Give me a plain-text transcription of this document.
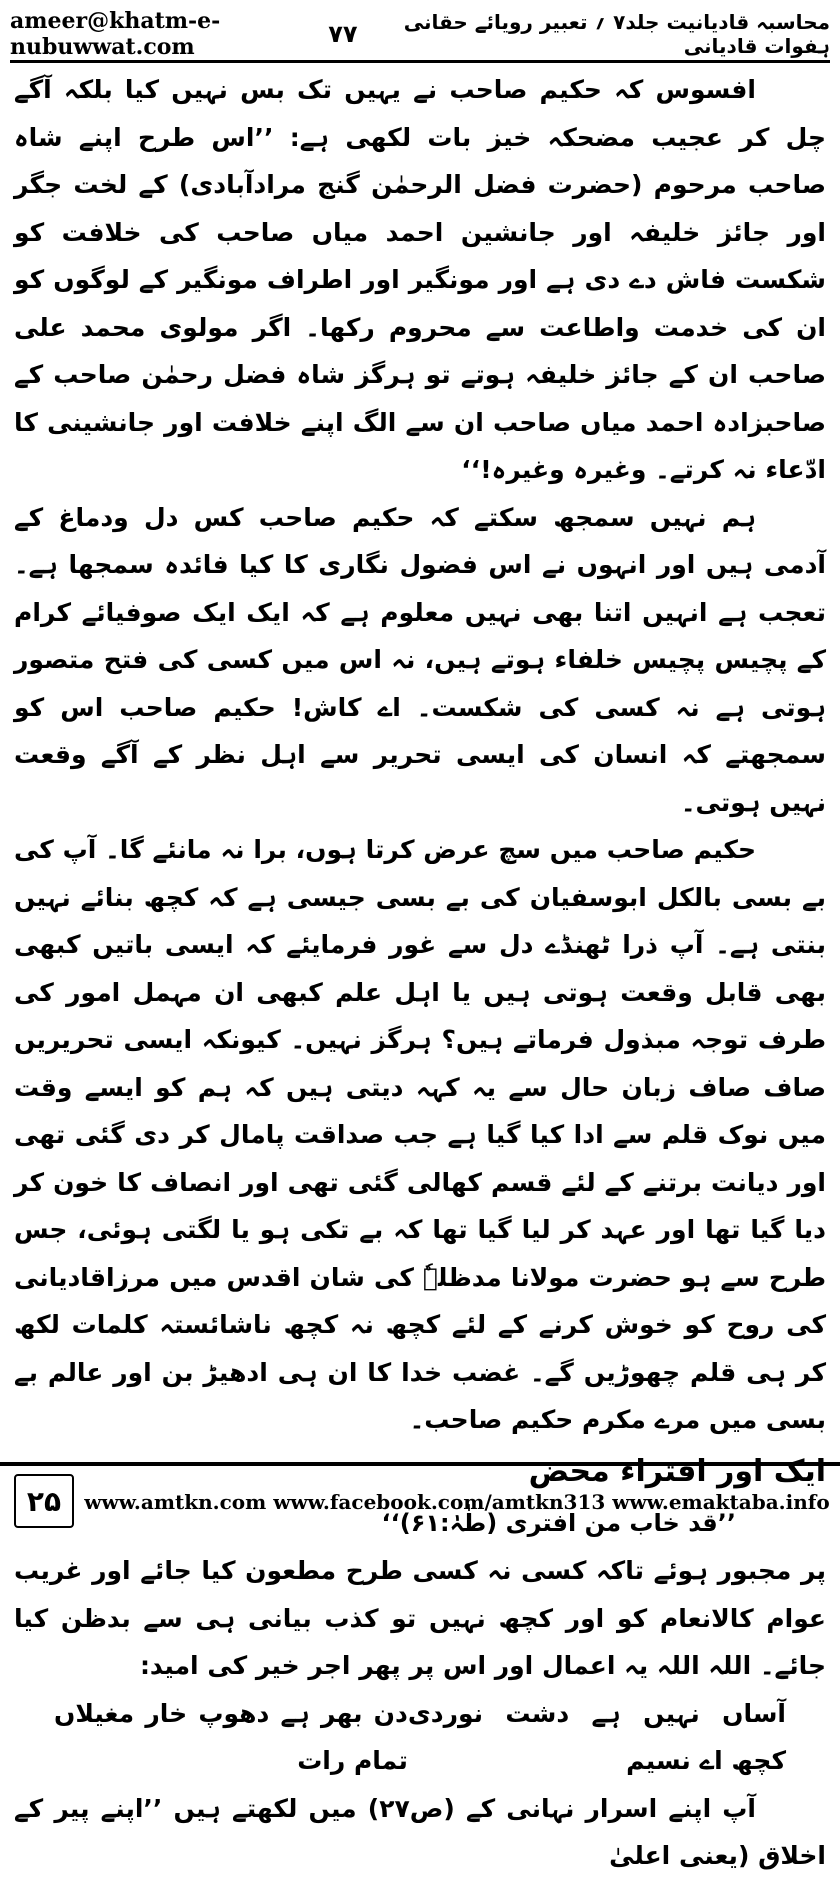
ameer@khatm-e-nubuwwat.com
محاسبہ قادیانیت جلد۷ ؍ تعبیر رویائے حقانی ہفوات قادیانی
۷۷

افسوس کہ حکیم صاحب نے یہیں تک بس نہیں کیا بلکہ آگے چل کر عجیب مضحکہ خیز بات لکھی ہے: ’’اس طرح اپنے شاہ صاحب مرحوم (حضرت فضل الرحمٰن گنج مرادآبادی) کے لخت جگر اور جائز خلیفہ اور جانشین احمد میاں صاحب کی خلافت کو شکست فاش دے دی ہے اور مونگیر اور اطراف مونگیر کے لوگوں کو ان کی خدمت واطاعت سے محروم رکھا۔ اگر مولوی محمد علی صاحب ان کے جائز خلیفہ ہوتے تو ہرگز شاہ فضل رحمٰن صاحب کے صاحبزادہ احمد میاں صاحب ان سے الگ اپنے خلافت اور جانشینی کا ادّعاء نہ کرتے۔ وغیرہ وغیرہ!‘‘

ہم نہیں سمجھ سکتے کہ حکیم صاحب کس دل ودماغ کے آدمی ہیں اور انہوں نے اس فضول نگاری کا کیا فائدہ سمجھا ہے۔ تعجب ہے انہیں اتنا بھی نہیں معلوم ہے کہ ایک ایک صوفیائے کرام کے پچیس پچیس خلفاء ہوتے ہیں، نہ اس میں کسی کی فتح متصور ہوتی ہے نہ کسی کی شکست۔ اے کاش! حکیم صاحب اس کو سمجھتے کہ انسان کی ایسی تحریر سے اہل نظر کے آگے وقعت نہیں ہوتی۔

حکیم صاحب میں سچ عرض کرتا ہوں، برا نہ مانئے گا۔ آپ کی بے بسی بالکل ابوسفیان کی بے بسی جیسی ہے کہ کچھ بنائے نہیں بنتی ہے۔ آپ ذرا ٹھنڈے دل سے غور فرمایئے کہ ایسی باتیں کبھی بھی قابل وقعت ہوتی ہیں یا اہل علم کبھی ان مہمل امور کی طرف توجہ مبذول فرماتے ہیں؟ ہرگز نہیں۔ کیونکہ ایسی تحریریں صاف صاف زبان حال سے یہ کہہ دیتی ہیں کہ ہم کو ایسے وقت میں نوک قلم سے ادا کیا گیا ہے جب صداقت پامال کر دی گئی تھی اور دیانت برتنے کے لئے قسم کھالی گئی تھی اور انصاف کا خون کر دیا گیا تھا اور عہد کر لیا گیا تھا کہ بے تکی ہو یا لگتی ہوئی، جس طرح سے ہو حضرت مولانا مدظلہٗ کی شان اقدس میں مرزاقادیانی کی روح کو خوش کرنے کے لئے کچھ نہ کچھ ناشائستہ کلمات لکھ کر ہی قلم چھوڑیں گے۔ غضب خدا کا ان ہی ادھیڑ بن اور عالم بے بسی میں مرے مکرم حکیم صاحب۔

ایک اور افتراء محض

’’قد خاب من افتری (طٰہٰ:۶۱)‘‘

پر مجبور ہوئے تاکہ کسی نہ کسی طرح مطعون کیا جائے اور غریب عوام کالانعام کو اور کچھ نہیں تو کذب بیانی ہی سے بدظن کیا جائے۔ اللہ اللہ یہ اعمال اور اس پر پھر اجر خیر کی امید:

آساں نہیں ہے دشت نوردی کچھ اے نسیم
دن بھر ہے دھوپ خار مغیلاں تمام رات

آپ اپنے اسرار نہانی کے (ص۲۷) میں لکھتے ہیں ’’اپنے پیر کے اخلاق (یعنی اعلیٰ

۲۵	www.amtkn.com www.facebook.com/amtkn313 www.emaktaba.info
